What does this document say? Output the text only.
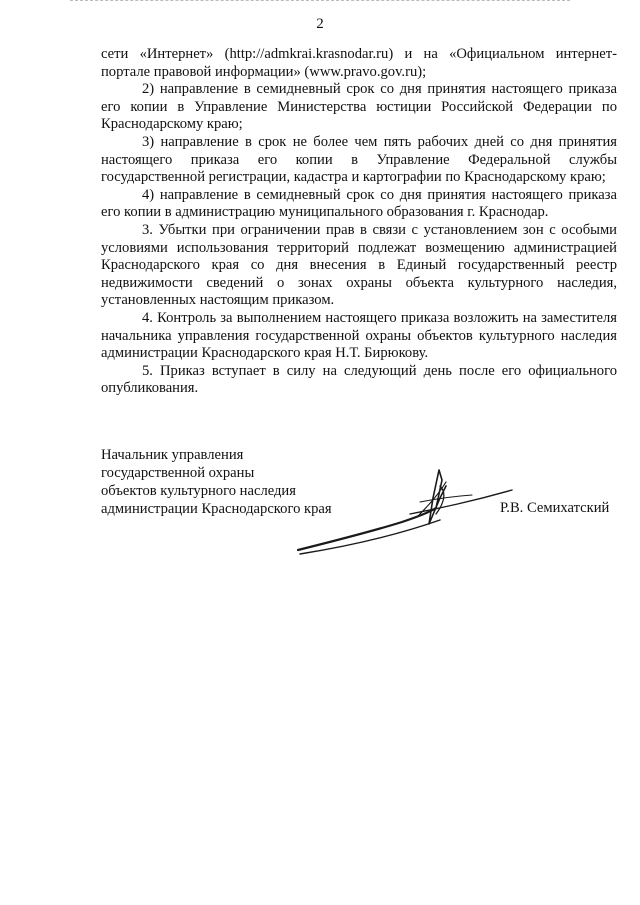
2

сети «Интернет» (http://admkrai.krasnodar.ru) и на «Официальном интернет-портале правовой информации» (www.pravo.gov.ru);

2) направление в семидневный срок со дня принятия настоящего приказа его копии в Управление Министерства юстиции Российской Федерации по Краснодарскому краю;

3) направление в срок не более чем пять рабочих дней со дня принятия настоящего приказа его копии в Управление Федеральной службы государственной регистрации, кадастра и картографии по Краснодарскому краю;

4) направление в семидневный срок со дня принятия настоящего приказа его копии в администрацию муниципального образования г. Краснодар.

3. Убытки при ограничении прав в связи с установлением зон с особыми условиями использования территорий подлежат возмещению администрацией Краснодарского края со дня внесения в Единый государственный реестр недвижимости сведений о зонах охраны объекта культурного наследия, установленных настоящим приказом.

4. Контроль за выполнением настоящего приказа возложить на заместителя начальника управления государственной охраны объектов культурного наследия администрации Краснодарского края Н.Т. Бирюкову.

5. Приказ вступает в силу на следующий день после его официального опубликования.

Начальник управления
государственной охраны
объектов культурного наследия
администрации Краснодарского края	Р.В. Семихатский
